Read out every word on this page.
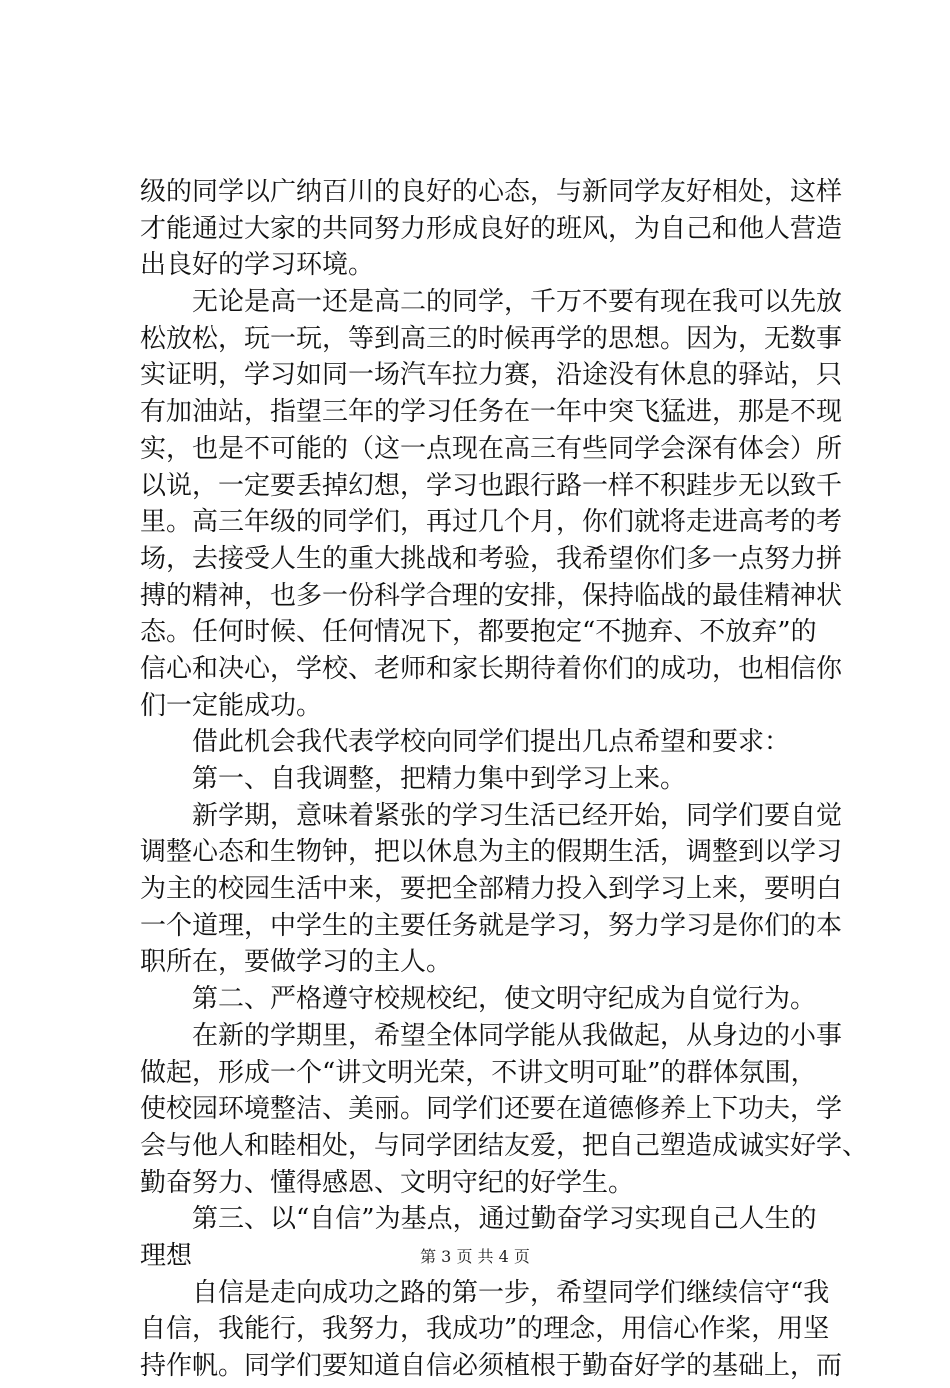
级的同学以广纳百川的良好的心态，与新同学友好相处，这样
才能通过大家的共同努力形成良好的班风，为自己和他人营造
出良好的学习环境。
　　无论是高一还是高二的同学，千万不要有现在我可以先放
松放松，玩一玩，等到高三的时候再学的思想。因为，无数事
实证明，学习如同一场汽车拉力赛，沿途没有休息的驿站，只
有加油站，指望三年的学习任务在一年中突飞猛进，那是不现
实，也是不可能的（这一点现在高三有些同学会深有体会）所
以说，一定要丢掉幻想，学习也跟行路一样不积跬步无以致千
里。高三年级的同学们，再过几个月，你们就将走进高考的考
场，去接受人生的重大挑战和考验，我希望你们多一点努力拼
搏的精神，也多一份科学合理的安排，保持临战的最佳精神状
态。任何时候、任何情况下，都要抱定“不抛弃、不放弃”的
信心和决心，学校、老师和家长期待着你们的成功，也相信你
们一定能成功。
　　借此机会我代表学校向同学们提出几点希望和要求：
　　第一、自我调整，把精力集中到学习上来。
　　新学期，意味着紧张的学习生活已经开始，同学们要自觉
调整心态和生物钟，把以休息为主的假期生活，调整到以学习
为主的校园生活中来，要把全部精力投入到学习上来，要明白
一个道理，中学生的主要任务就是学习，努力学习是你们的本
职所在，要做学习的主人。
　　第二、严格遵守校规校纪，使文明守纪成为自觉行为。
　　在新的学期里，希望全体同学能从我做起，从身边的小事
做起，形成一个“讲文明光荣，不讲文明可耻”的群体氛围，
使校园环境整洁、美丽。同学们还要在道德修养上下功夫，学
会与他人和睦相处，与同学团结友爱，把自己塑造成诚实好学、
勤奋努力、懂得感恩、文明守纪的好学生。
　　第三、以“自信”为基点，通过勤奋学习实现自己人生的
理想
　　自信是走向成功之路的第一步，希望同学们继续信守“我
自信，我能行，我努力，我成功”的理念，用信心作桨，用坚
持作帆。同学们要知道自信必须植根于勤奋好学的基础上，而
第 3 页 共 4 页
